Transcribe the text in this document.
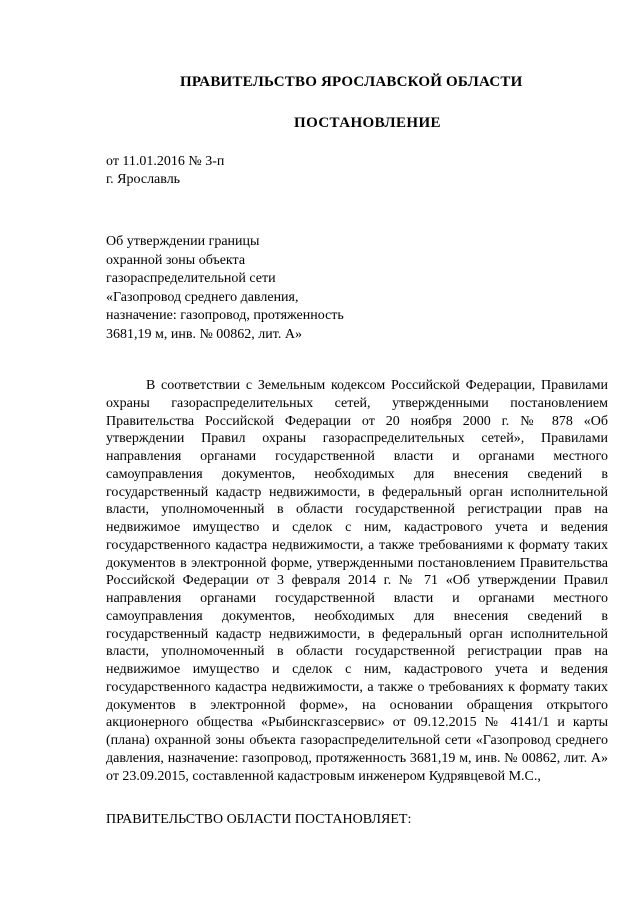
ПРАВИТЕЛЬСТВО ЯРОСЛАВСКОЙ ОБЛАСТИ
ПОСТАНОВЛЕНИЕ
от 11.01.2016 № 3-п
г. Ярославль
Об утверждении границы
охранной зоны объекта
газораспределительной сети
«Газопровод среднего давления,
назначение: газопровод, протяженность
3681,19 м, инв. № 00862, лит. А»

В соответствии с Земельным кодексом Российской Федерации, Правилами охраны газораспределительных сетей, утвержденными постановлением Правительства Российской Федерации от 20 ноября 2000 г. № 878 «Об утверждении Правил охраны газораспределительных сетей», Правилами направления органами государственной власти и органами местного самоуправления документов, необходимых для внесения сведений в государственный кадастр недвижимости, в федеральный орган исполнительной власти, уполномоченный в области государственной регистрации прав на недвижимое имущество и сделок с ним, кадастрового учета и ведения государственного кадастра недвижимости, а также требованиями к формату таких документов в электронной форме, утвержденными постановлением Правительства Российской Федерации от 3 февраля 2014 г. № 71 «Об утверждении Правил направления органами государственной власти и органами местного самоуправления документов, необходимых для внесения сведений в государственный кадастр недвижимости, в федеральный орган исполнительной власти, уполномоченный в области государственной регистрации прав на недвижимое имущество и сделок с ним, кадастрового учета и ведения государственного кадастра недвижимости, а также о требованиях к формату таких документов в электронной форме», на основании обращения открытого акционерного общества «Рыбинскгазсервис» от 09.12.2015 № 4141/1 и карты (плана) охранной зоны объекта газораспределительной сети «Газопровод среднего давления, назначение: газопровод, протяженность 3681,19 м, инв. № 00862, лит. А» от 23.09.2015, составленной кадастровым инженером Кудрявцевой М.С.,

ПРАВИТЕЛЬСТВО ОБЛАСТИ ПОСТАНОВЛЯЕТ:
